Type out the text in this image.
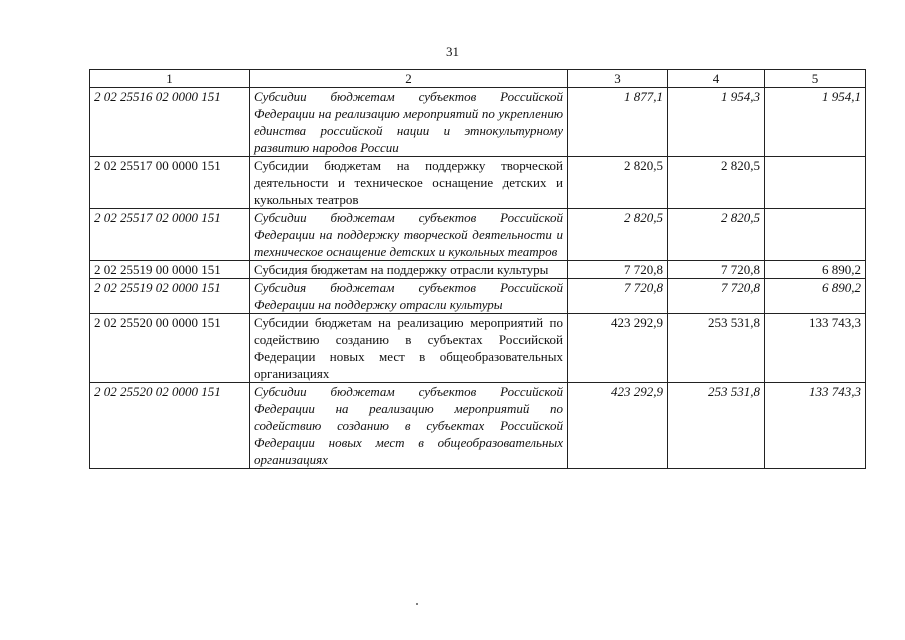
31
1	2	3	4	5
2 02 25516 02 0000 151	Субсидии бюджетам субъектов Российской Федерации на реализацию мероприятий по укреплению единства российской нации и этнокультурному развитию народов России	1 877,1	1 954,3	1 954,1
2 02 25517 00 0000 151	Субсидии бюджетам на поддержку творческой деятельности и техническое оснащение детских и кукольных театров	2 820,5	2 820,5	
2 02 25517 02 0000 151	Субсидии бюджетам субъектов Российской Федерации на поддержку творческой деятельности и техническое оснащение детских и кукольных театров	2 820,5	2 820,5	
2 02 25519 00 0000 151	Субсидия бюджетам на поддержку отрасли культуры	7 720,8	7 720,8	6 890,2
2 02 25519 02 0000 151	Субсидия бюджетам субъектов Российской Федерации на поддержку отрасли культуры	7 720,8	7 720,8	6 890,2
2 02 25520 00 0000 151	Субсидии бюджетам на реализацию мероприятий по содействию созданию в субъектах Российской Федерации новых мест в общеобразовательных организациях	423 292,9	253 531,8	133 743,3
2 02 25520 02 0000 151	Субсидии бюджетам субъектов Российской Федерации на реализацию мероприятий по содействию созданию в субъектах Российской Федерации новых мест в общеобразовательных организациях	423 292,9	253 531,8	133 743,3
